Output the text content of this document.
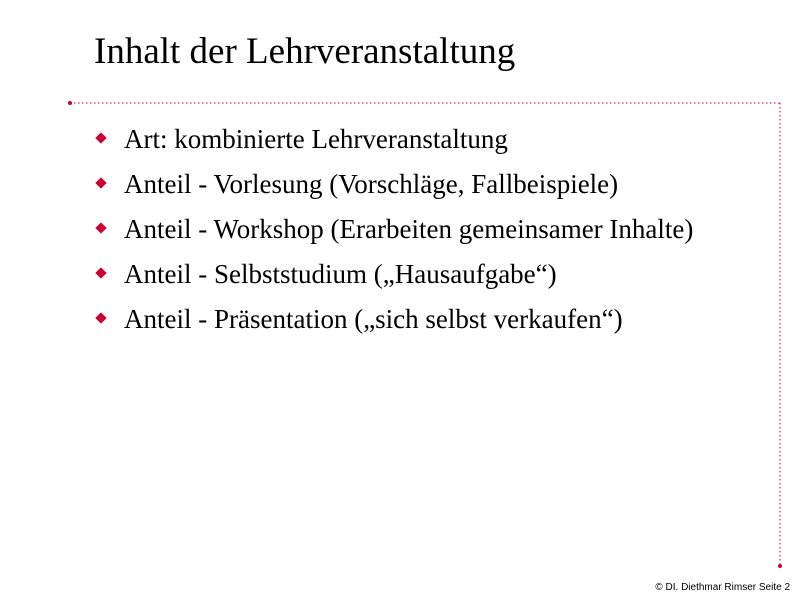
Inhalt der Lehrveranstaltung
Art: kombinierte Lehrveranstaltung
Anteil - Vorlesung (Vorschläge, Fallbeispiele)
Anteil - Workshop (Erarbeiten gemeinsamer Inhalte)
Anteil - Selbststudium („Hausaufgabe“)
Anteil - Präsentation („sich selbst verkaufen“)
© DI. Diethmar Rimser Seite 2
